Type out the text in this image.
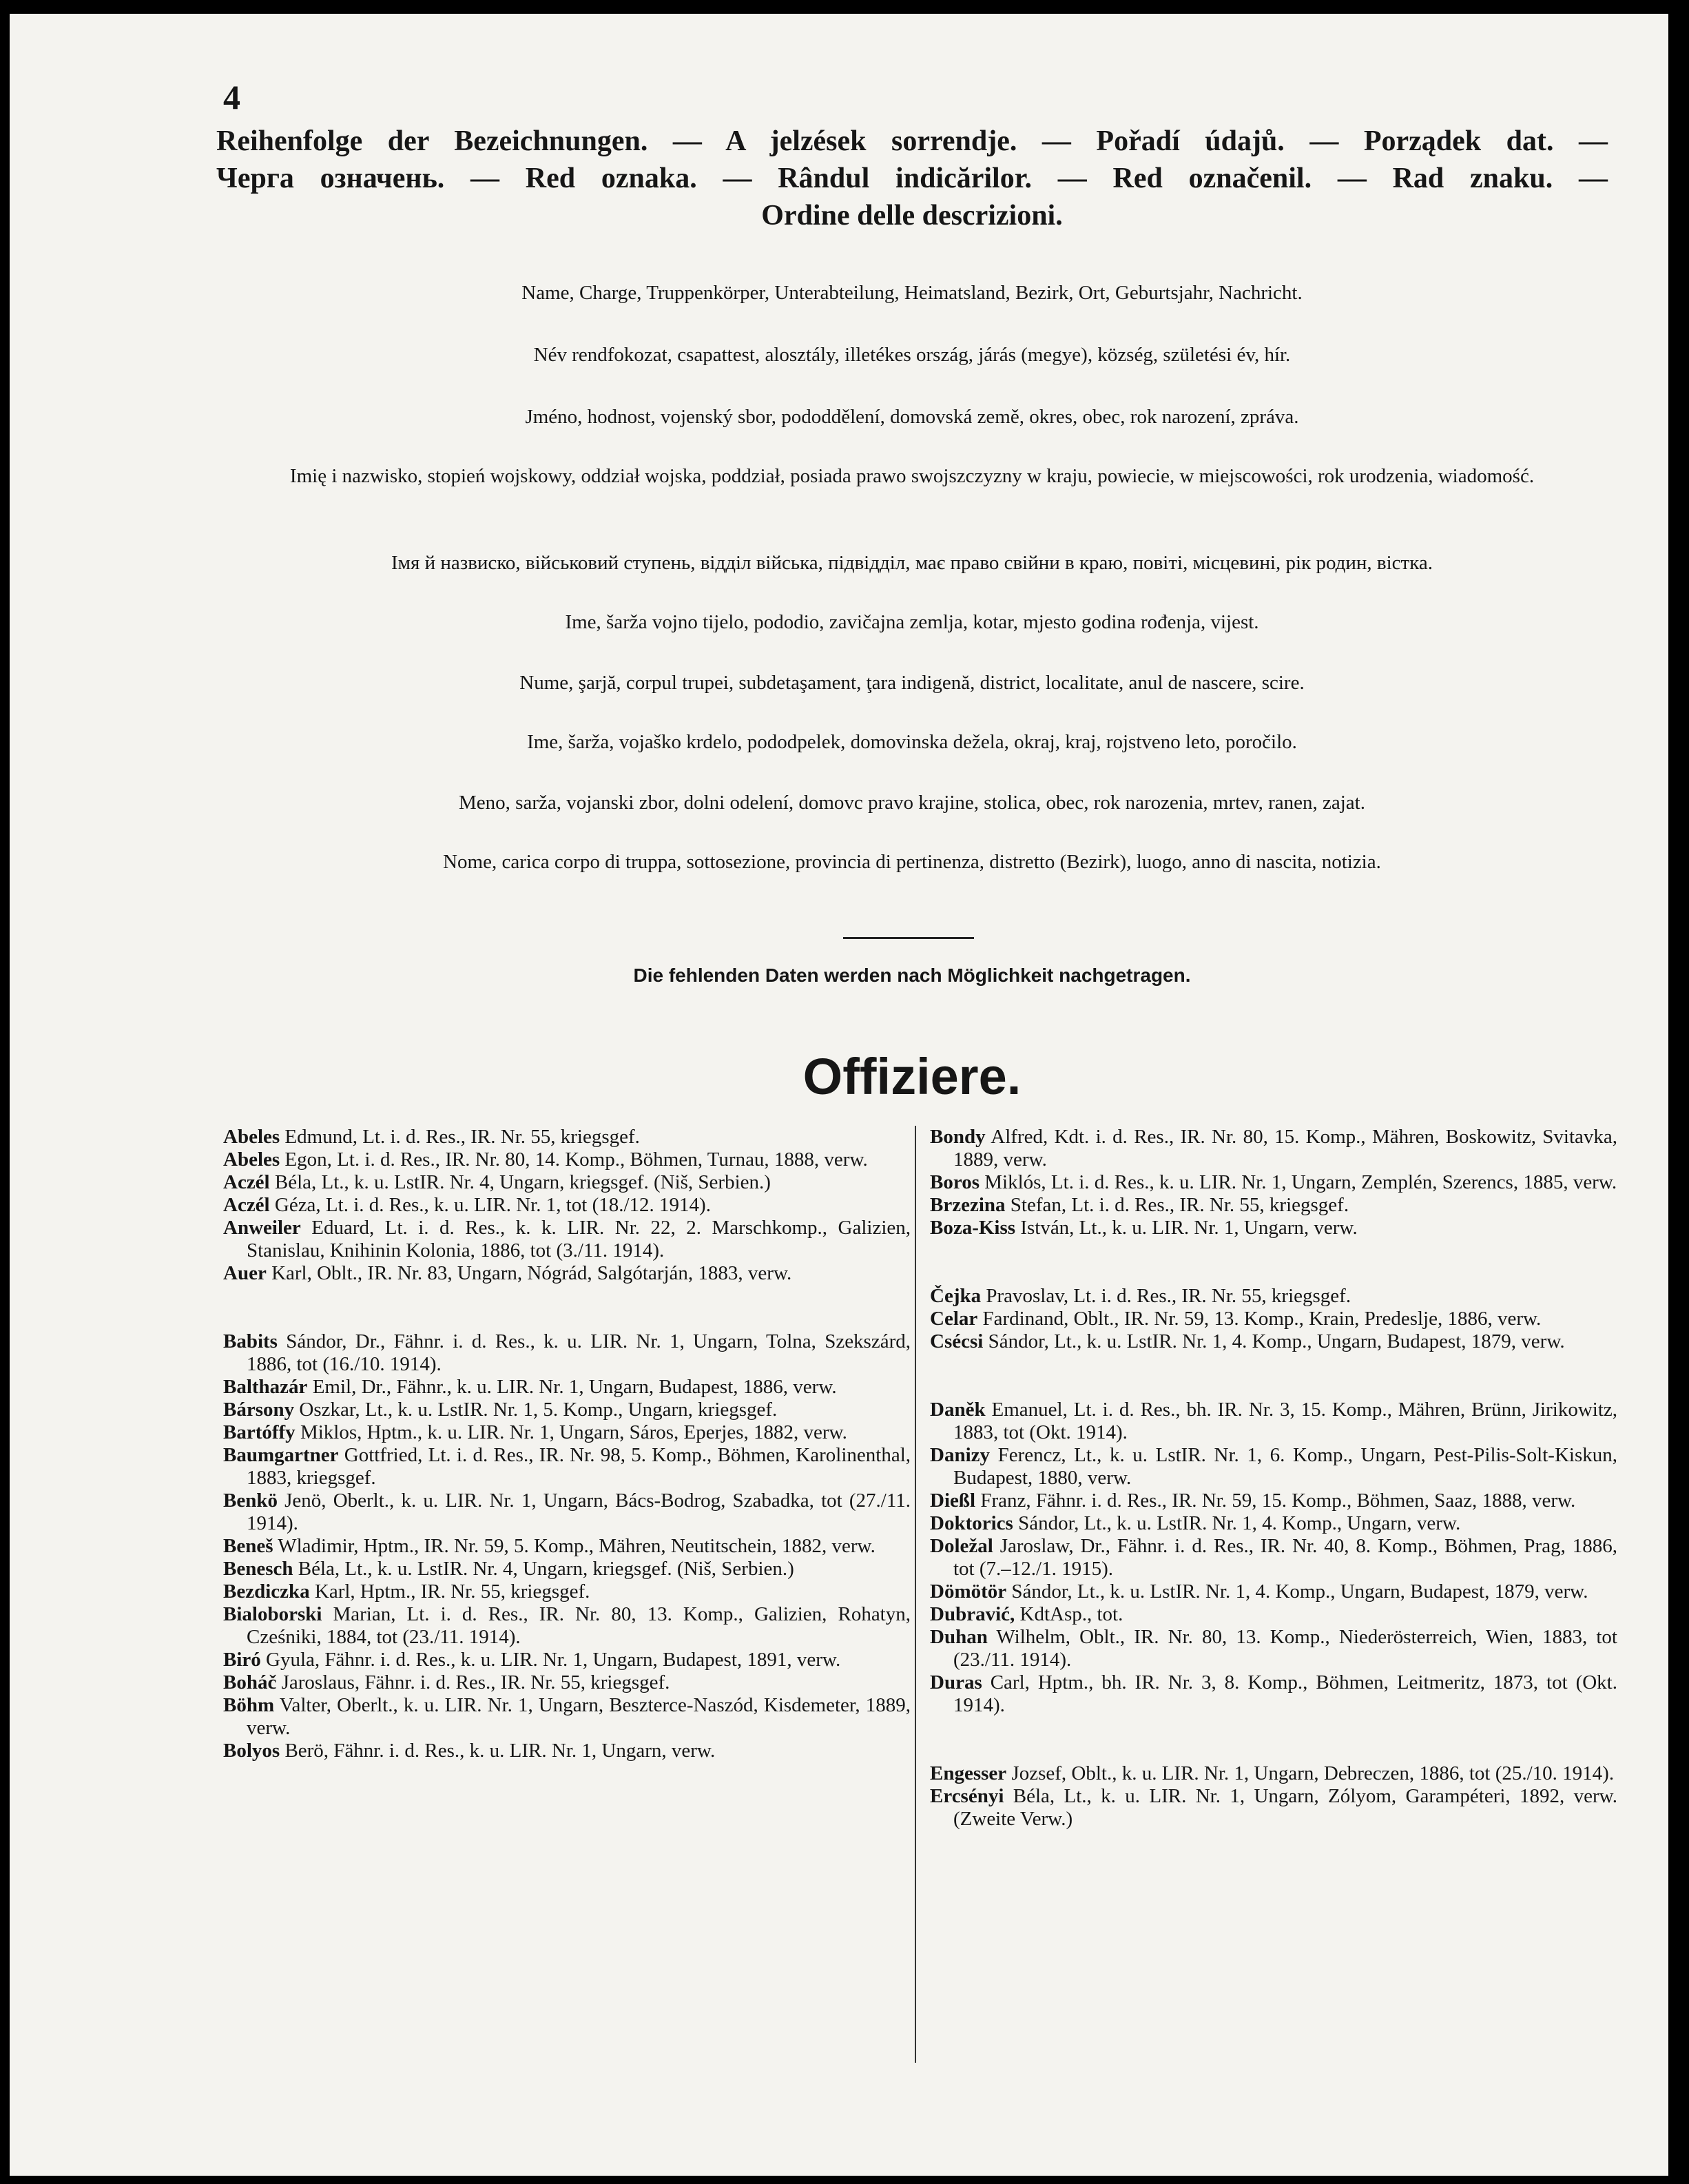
4
Reihenfolge der Bezeichnungen. — A jelzések sorrendje. — Pořadí údajů. — Porządek dat. —
Черга означень. — Red oznaka. — Rândul indicărilor. — Red označenil. — Rad znaku. —
Ordine delle descrizioni.
Name, Charge, Truppenkörper, Unterabteilung, Heimatsland, Bezirk, Ort, Geburtsjahr, Nachricht.
Név rendfokozat, csapattest, alosztály, illetékes ország, járás (megye), község, születési év, hír.
Jméno, hodnost, vojenský sbor, pododdělení, domovská země, okres, obec, rok narození, zpráva.
Imię i nazwisko, stopień wojskowy, oddział wojska, poddział, posiada prawo swojszczyzny w kraju, powiecie, w miejscowości, rok urodzenia, wiadomość.
Імя й назвиско, військовий ступень, відділ війська, підвідділ, має право свійни в краю, повіті, місцевині, рік родин, вістка.
Ime, šarža vojno tijelo, pododio, zavičajna zemlja, kotar, mjesto godina rođenja, vijest.
Nume, şarjă, corpul trupei, subdetaşament, ţara indigenă, district, localitate, anul de nascere, scire.
Ime, šarža, vojaško krdelo, pododpelek, domovinska dežela, okraj, kraj, rojstveno leto, poročilo.
Meno, sarža, vojanski zbor, dolni odelení, domovc pravo krajine, stolica, obec, rok narozenia, mrtev, ranen, zajat.
Nome, carica corpo di truppa, sottosezione, provincia di pertinenza, distretto (Bezirk), luogo, anno di nascita, notizia.
Die fehlenden Daten werden nach Möglichkeit nachgetragen.
Offiziere.

Abeles Edmund, Lt. i. d. Res., IR. Nr. 55, kriegsgef.

Abeles Egon, Lt. i. d. Res., IR. Nr. 80, 14. Komp., Böhmen, Turnau, 1888, verw.

Aczél Béla, Lt., k. u. LstIR. Nr. 4, Ungarn, kriegsgef. (Niš, Serbien.)

Aczél Géza, Lt. i. d. Res., k. u. LIR. Nr. 1, tot (18./12. 1914).

Anweiler Eduard, Lt. i. d. Res., k. k. LIR. Nr. 22, 2. Marschkomp., Galizien, Stanislau, Knihinin Kolonia, 1886, tot (3./11. 1914).

Auer Karl, Oblt., IR. Nr. 83, Ungarn, Nógrád, Salgótarján, 1883, verw.

Babits Sándor, Dr., Fähnr. i. d. Res., k. u. LIR. Nr. 1, Ungarn, Tolna, Szekszárd, 1886, tot (16./10. 1914).

Balthazár Emil, Dr., Fähnr., k. u. LIR. Nr. 1, Ungarn, Budapest, 1886, verw.

Bársony Oszkar, Lt., k. u. LstIR. Nr. 1, 5. Komp., Ungarn, kriegsgef.

Bartóffy Miklos, Hptm., k. u. LIR. Nr. 1, Ungarn, Sáros, Eperjes, 1882, verw.

Baumgartner Gottfried, Lt. i. d. Res., IR. Nr. 98, 5. Komp., Böhmen, Karolinenthal, 1883, kriegsgef.

Benkö Jenö, Oberlt., k. u. LIR. Nr. 1, Ungarn, Bács-Bodrog, Szabadka, tot (27./11. 1914).

Beneš Wladimir, Hptm., IR. Nr. 59, 5. Komp., Mähren, Neutitschein, 1882, verw.

Benesch Béla, Lt., k. u. LstIR. Nr. 4, Ungarn, kriegsgef. (Niš, Serbien.)

Bezdiczka Karl, Hptm., IR. Nr. 55, kriegsgef.

Bialoborski Marian, Lt. i. d. Res., IR. Nr. 80, 13. Komp., Galizien, Rohatyn, Cześniki, 1884, tot (23./11. 1914).

Biró Gyula, Fähnr. i. d. Res., k. u. LIR. Nr. 1, Ungarn, Budapest, 1891, verw.

Boháč Jaroslaus, Fähnr. i. d. Res., IR. Nr. 55, kriegsgef.

Böhm Valter, Oberlt., k. u. LIR. Nr. 1, Ungarn, Beszterce-Naszód, Kisdemeter, 1889, verw.

Bolyos Berö, Fähnr. i. d. Res., k. u. LIR. Nr. 1, Ungarn, verw.

Bondy Alfred, Kdt. i. d. Res., IR. Nr. 80, 15. Komp., Mähren, Boskowitz, Svitavka, 1889, verw.

Boros Miklós, Lt. i. d. Res., k. u. LIR. Nr. 1, Ungarn, Zemplén, Szerencs, 1885, verw.

Brzezina Stefan, Lt. i. d. Res., IR. Nr. 55, kriegsgef.

Boza-Kiss István, Lt., k. u. LIR. Nr. 1, Ungarn, verw.

Čejka Pravoslav, Lt. i. d. Res., IR. Nr. 55, kriegsgef.

Celar Fardinand, Oblt., IR. Nr. 59, 13. Komp., Krain, Predeslje, 1886, verw.

Csécsi Sándor, Lt., k. u. LstIR. Nr. 1, 4. Komp., Ungarn, Budapest, 1879, verw.

Daněk Emanuel, Lt. i. d. Res., bh. IR. Nr. 3, 15. Komp., Mähren, Brünn, Jirikowitz, 1883, tot (Okt. 1914).

Danizy Ferencz, Lt., k. u. LstIR. Nr. 1, 6. Komp., Ungarn, Pest-Pilis-Solt-Kiskun, Budapest, 1880, verw.

Dießl Franz, Fähnr. i. d. Res., IR. Nr. 59, 15. Komp., Böhmen, Saaz, 1888, verw.

Doktorics Sándor, Lt., k. u. LstIR. Nr. 1, 4. Komp., Ungarn, verw.

Doležal Jaroslaw, Dr., Fähnr. i. d. Res., IR. Nr. 40, 8. Komp., Böhmen, Prag, 1886, tot (7.–12./1. 1915).

Dömötör Sándor, Lt., k. u. LstIR. Nr. 1, 4. Komp., Ungarn, Budapest, 1879, verw.

Dubravić, KdtAsp., tot.

Duhan Wilhelm, Oblt., IR. Nr. 80, 13. Komp., Niederösterreich, Wien, 1883, tot (23./11. 1914).

Duras Carl, Hptm., bh. IR. Nr. 3, 8. Komp., Böhmen, Leitmeritz, 1873, tot (Okt. 1914).

Engesser Jozsef, Oblt., k. u. LIR. Nr. 1, Ungarn, Debreczen, 1886, tot (25./10. 1914).

Ercsényi Béla, Lt., k. u. LIR. Nr. 1, Ungarn, Zólyom, Garampéteri, 1892, verw. (Zweite Verw.)
